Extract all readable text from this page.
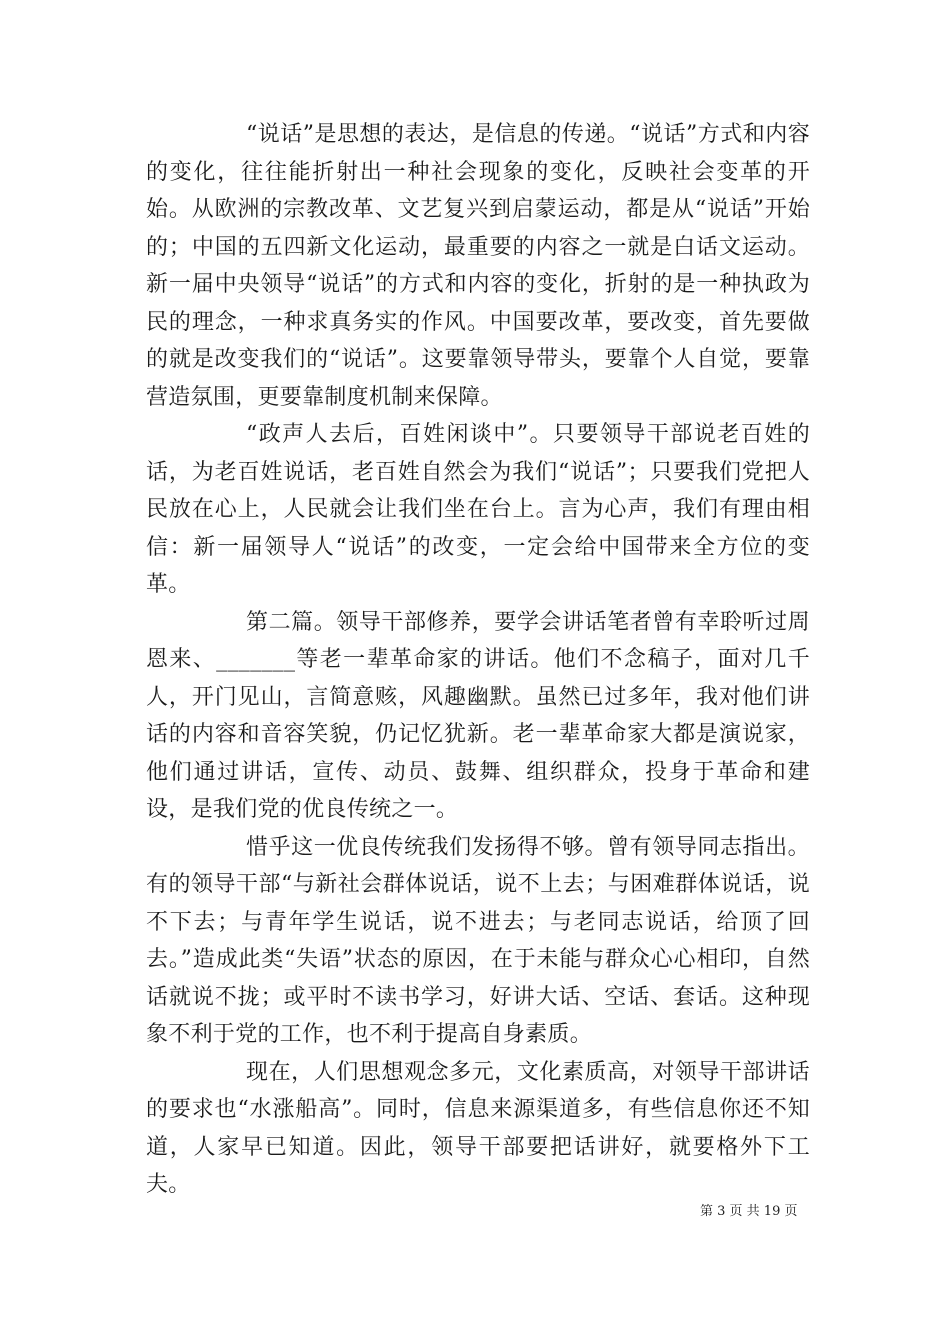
“说话”是思想的表达，是信息的传递。“说话”方式和内容的变化，往往能折射出一种社会现象的变化，反映社会变革的开始。从欧洲的宗教改革、文艺复兴到启蒙运动，都是从“说话”开始的；中国的五四新文化运动，最重要的内容之一就是白话文运动。新一届中央领导“说话”的方式和内容的变化，折射的是一种执政为民的理念，一种求真务实的作风。中国要改革，要改变，首先要做的就是改变我们的“说话”。这要靠领导带头，要靠个人自觉，要靠营造氛围，更要靠制度机制来保障。

“政声人去后，百姓闲谈中”。只要领导干部说老百姓的话，为老百姓说话，老百姓自然会为我们“说话”；只要我们党把人民放在心上，人民就会让我们坐在台上。言为心声，我们有理由相信：新一届领导人“说话”的改变，一定会给中国带来全方位的变革。

第二篇。领导干部修养，要学会讲话笔者曾有幸聆听过周恩来、_______等老一辈革命家的讲话。他们不念稿子，面对几千人，开门见山，言简意赅，风趣幽默。虽然已过多年，我对他们讲话的内容和音容笑貌，仍记忆犹新。老一辈革命家大都是演说家，他们通过讲话，宣传、动员、鼓舞、组织群众，投身于革命和建设，是我们党的优良传统之一。

惜乎这一优良传统我们发扬得不够。曾有领导同志指出。有的领导干部“与新社会群体说话，说不上去；与困难群体说话，说不下去；与青年学生说话，说不进去；与老同志说话，给顶了回去。”造成此类“失语”状态的原因，在于未能与群众心心相印，自然话就说不拢；或平时不读书学习，好讲大话、空话、套话。这种现象不利于党的工作，也不利于提高自身素质。

现在，人们思想观念多元，文化素质高，对领导干部讲话的要求也“水涨船高”。同时，信息来源渠道多，有些信息你还不知道，人家早已知道。因此，领导干部要把话讲好，就要格外下工夫。

第 3 页 共 19 页
